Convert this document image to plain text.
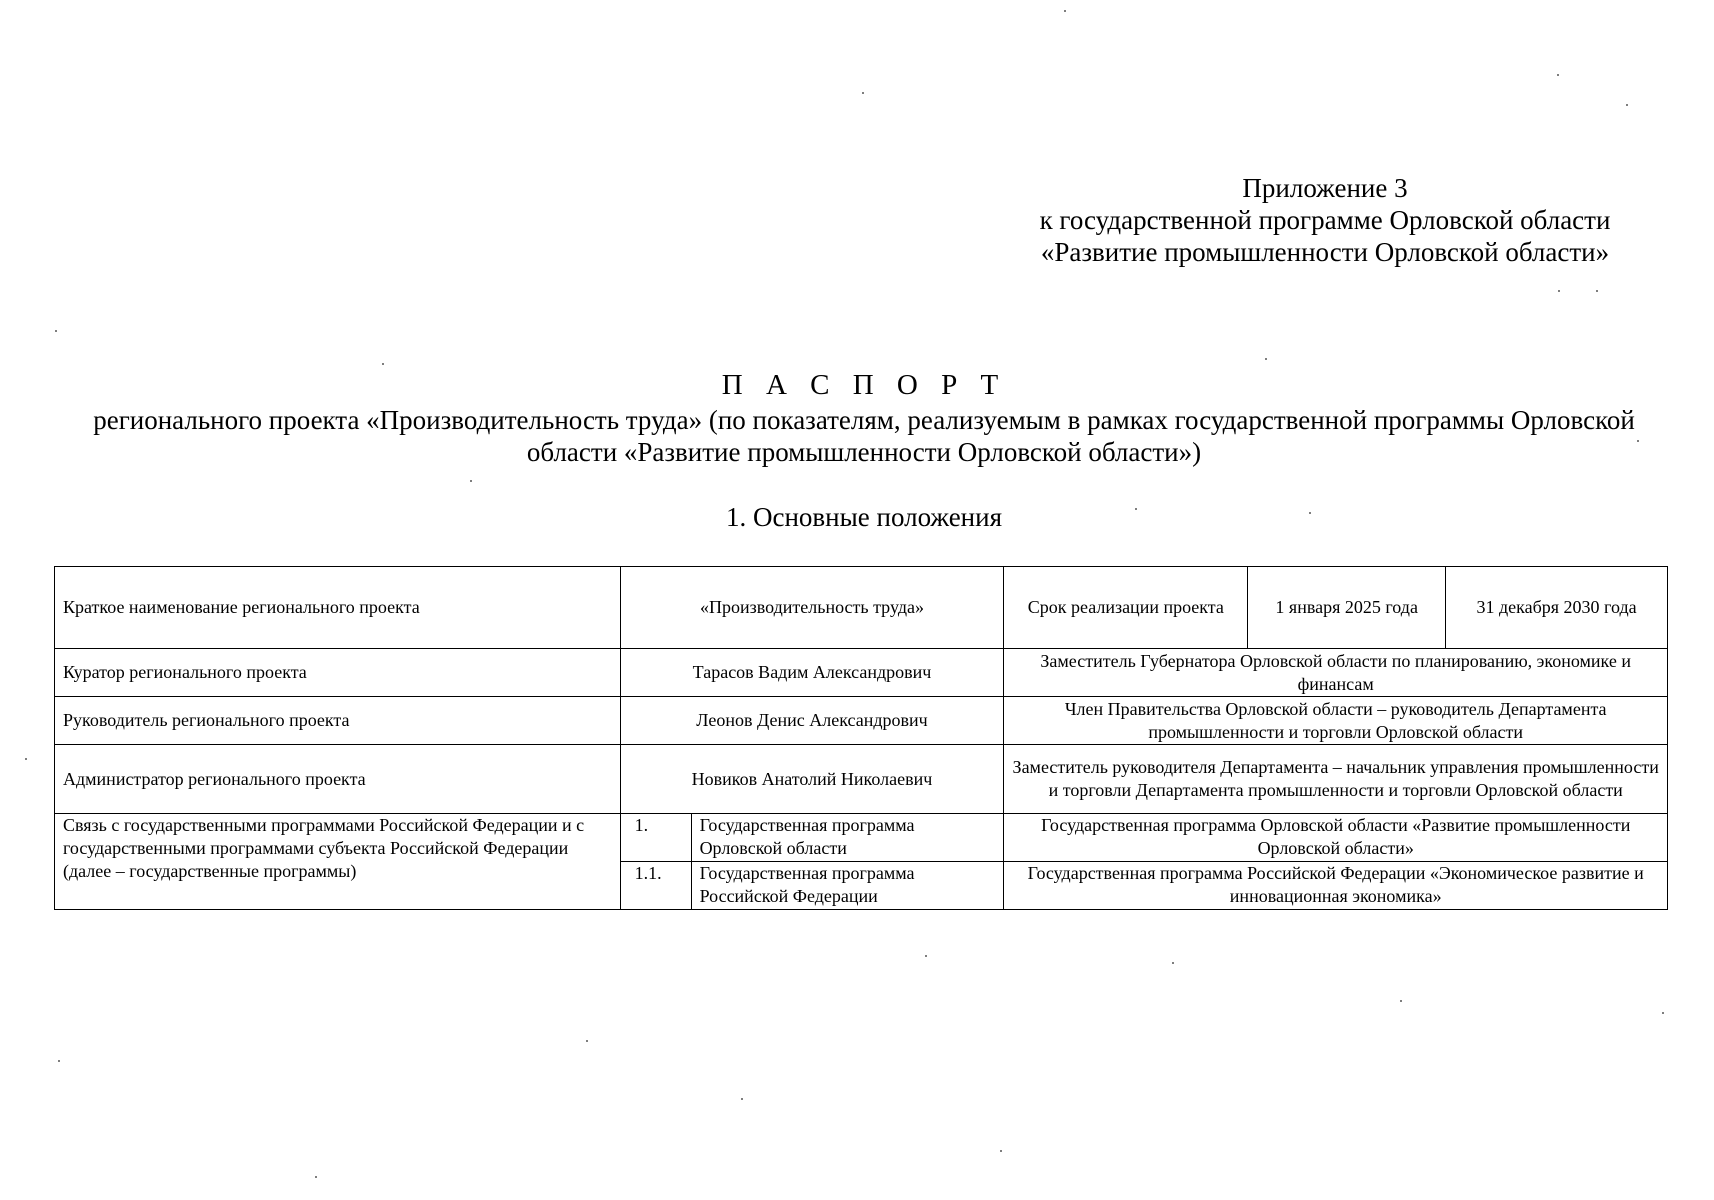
Приложение 3
к государственной программе Орловской области
«Развитие промышленности Орловской области»
П А С П О Р Т
регионального проекта «Производительность труда» (по показателям, реализуемым в рамках государственной программы Орловской области «Развитие промышленности Орловской области»)
1. Основные положения
Краткое наименование регионального проекта	«Производительность труда»		Срок реализации проекта	1 января 2025 года	31 декабря 2030 года
Куратор регионального проекта	Тарасов Вадим Александрович		Заместитель Губернатора Орловской области по планированию, экономике и финансам		
Руководитель регионального проекта	Леонов Денис Александрович		Член Правительства Орловской области – руководитель Департамента промышленности и торговли Орловской области		
Администратор регионального проекта	Новиков Анатолий Николаевич		Заместитель руководителя Департамента – начальник управления промышленности и торговли Департамента промышленности и торговли Орловской области		
Связь с государственными программами Российской Федерации и с государственными программами субъекта Российской Федерации (далее – государственные программы)	1.	Государственная программа Орловской области	Государственная программа Орловской области «Развитие промышленности Орловской области»		
	1.1.	Государственная программа Российской Федерации	Государственная программа Российской Федерации «Экономическое развитие и инновационная экономика»		
